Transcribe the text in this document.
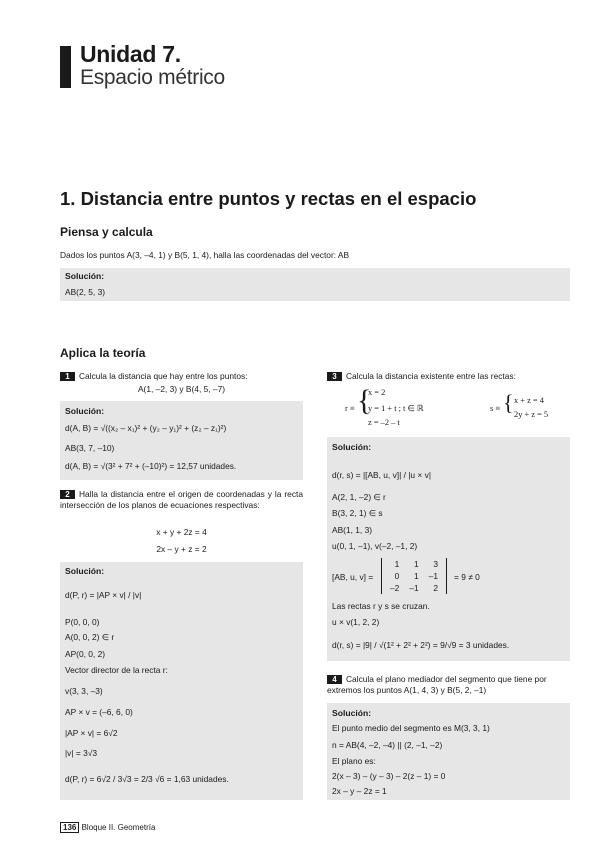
Unidad 7.
Espacio métrico
1. Distancia entre puntos y rectas en el espacio
Piensa y calcula
Dados los puntos A(3, –4, 1) y B(5, 1, 4), halla las coordenadas del vector: AB
Solución:
AB(2, 5, 3)
Aplica la teoría
1 Calcula la distancia que hay entre los puntos:
A(1, –2, 3) y B(4, 5, –7)
Solución:
d(A, B) = √((x₂ – x₁)² + (y₂ – y₁)² + (z₂ – z₁)²)
AB(3, 7, –10)
d(A, B) = √(3² + 7² + (–10)²) = 12,57 unidades.
2 Halla la distancia entre el origen de coordenadas y la recta intersección de los planos de ecuaciones respectivas:
x + y + 2z = 4
2x – y + z = 2
Solución:
d(P, r) = |AP × v| / |v|
P(0, 0, 0)
A(0, 0, 2) ∈ r
AP(0, 0, 2)
Vector director de la recta r:
v(3, 3, –3)
AP × v = (–6, 6, 0)
|AP × v| = 6√2
|v| = 3√3
d(P, r) = 6√2 / 3√3 = 2/3 √6 = 1,63 unidades.
3 Calcula la distancia existente entre las rectas:
r ≡ {
x = 2
y = 1 + t ; t ∈ ℝ
z = –2 – t
s ≡ { x + z = 4
2y + z = 5
Solución:
d(r, s) = |[AB, u, v]| / |u × v|
A(2, 1, –2) ∈ r
B(3, 2, 1) ∈ s
AB(1, 1, 3)
u(0, 1, –1), v(–2, –1, 2)
[AB, u, v] =
1	1	3
0	1	–1
–2	–1	2
= 9 ≠ 0
Las rectas r y s se cruzan.
u × v(1, 2, 2)
d(r, s) = |9| / √(1² + 2² + 2²) = 9/√9 = 3 unidades.
4 Calcula el plano mediador del segmento que tiene por extremos los puntos A(1, 4, 3) y B(5, 2, –1)
Solución:
El punto medio del segmento es M(3, 3, 1)
n = AB(4, –2, –4) || (2, –1, –2)
El plano es:
2(x – 3) – (y – 3) – 2(z – 1) = 0
2x – y – 2z = 1
136 Bloque II. Geometría
